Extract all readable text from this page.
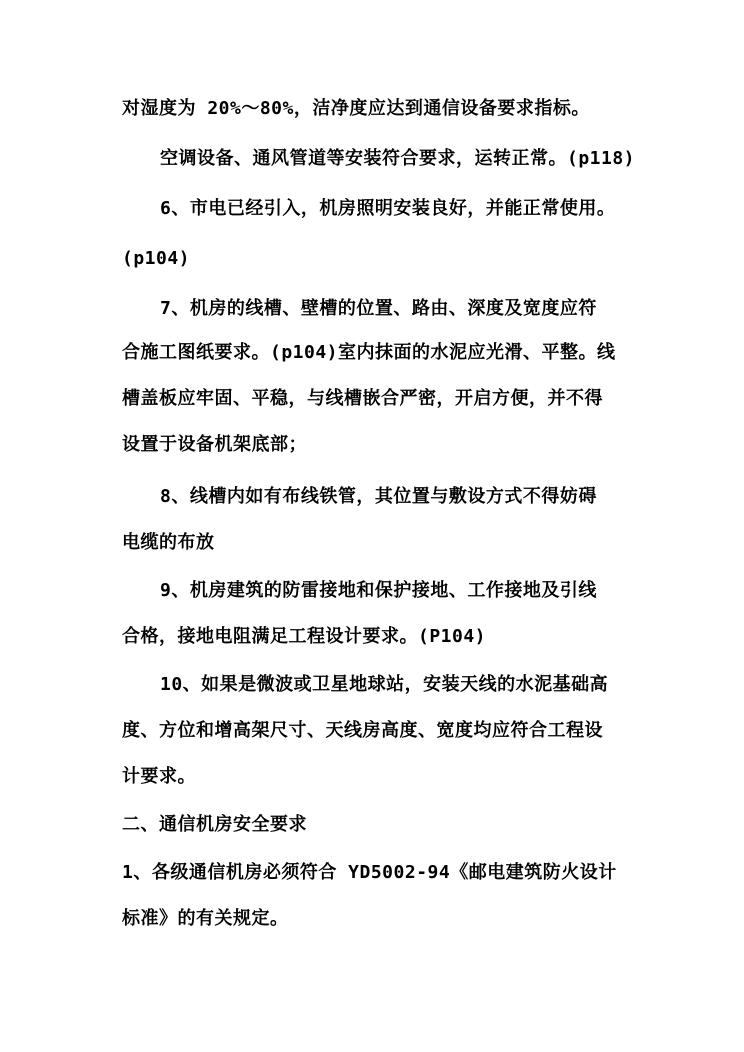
对湿度为 20%～80%，洁净度应达到通信设备要求指标。
空调设备、通风管道等安装符合要求，运转正常。(p118)
6、市电已经引入，机房照明安装良好，并能正常使用。
(p104)
7、机房的线槽、壁槽的位置、路由、深度及宽度应符
合施工图纸要求。(p104)室内抹面的水泥应光滑、平整。线
槽盖板应牢固、平稳，与线槽嵌合严密，开启方便，并不得
设置于设备机架底部；
8、线槽内如有布线铁管，其位置与敷设方式不得妨碍
电缆的布放
9、机房建筑的防雷接地和保护接地、工作接地及引线
合格，接地电阻满足工程设计要求。(P104)
10、如果是微波或卫星地球站，安装天线的水泥基础高
度、方位和增高架尺寸、天线房高度、宽度均应符合工程设
计要求。
二、通信机房安全要求
1、各级通信机房必须符合 YD5002-94《邮电建筑防火设计
标准》的有关规定。
